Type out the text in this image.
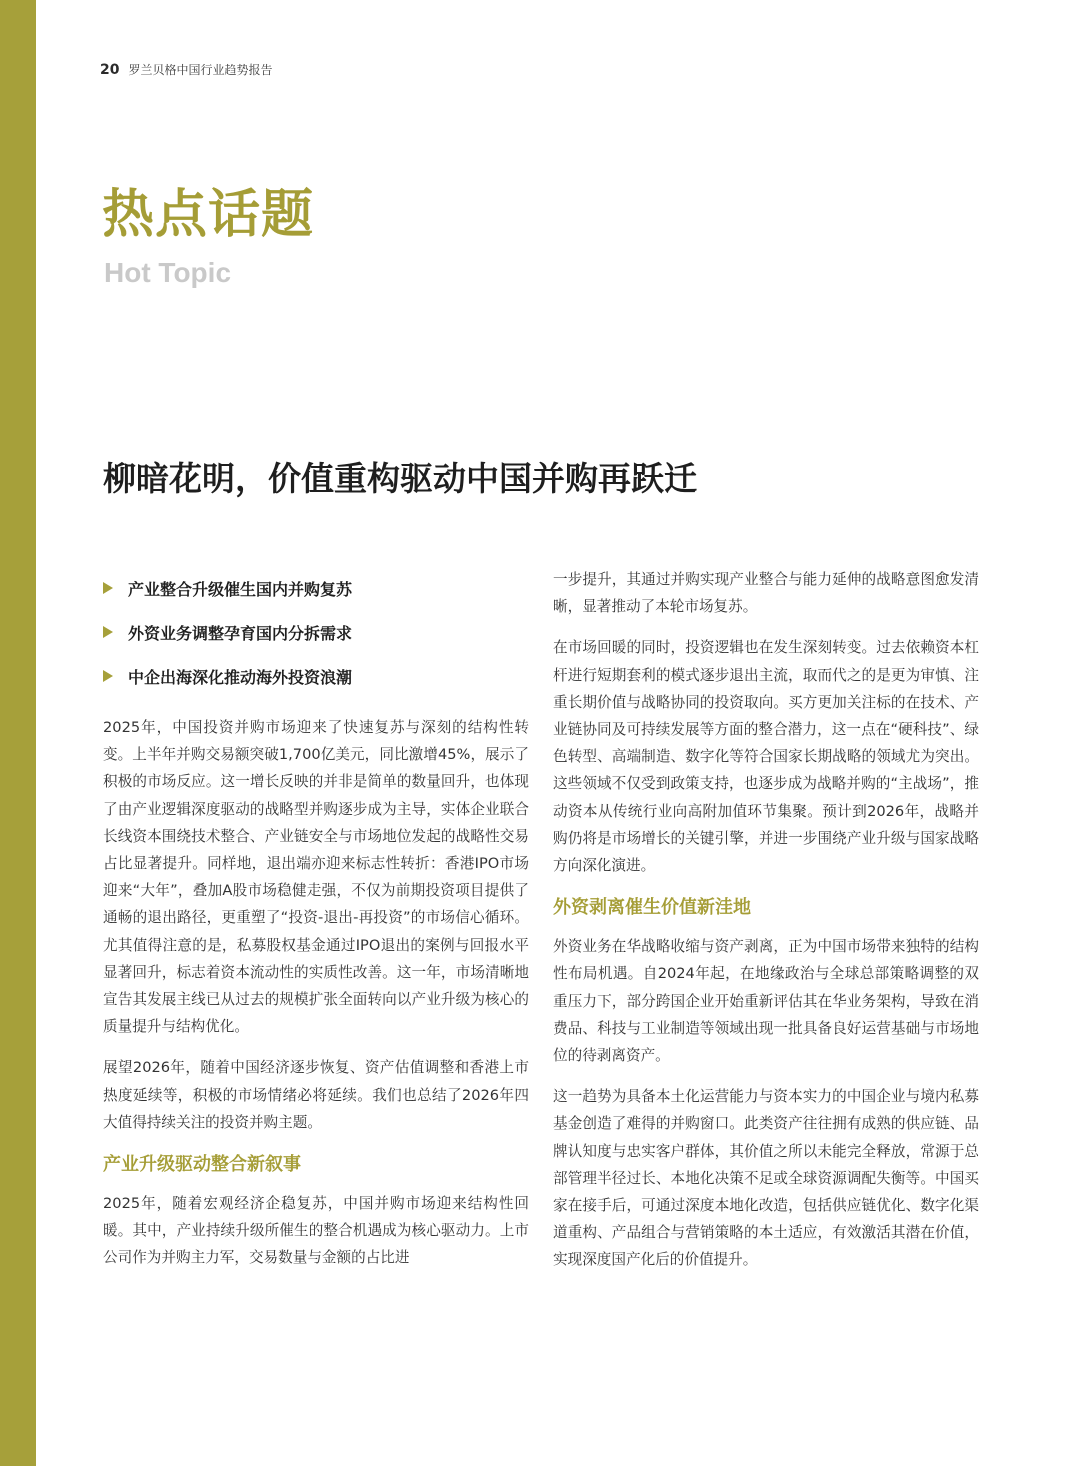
20 罗兰贝格中国行业趋势报告
热点话题
Hot Topic
柳暗花明，价值重构驱动中国并购再跃迁
产业整合升级催生国内并购复苏
外资业务调整孕育国内分拆需求
中企出海深化推动海外投资浪潮

2025年，中国投资并购市场迎来了快速复苏与深刻的结构性转变。上半年并购交易额突破1,700亿美元，同比激增45%，展示了积极的市场反应。这一增长反映的并非是简单的数量回升，也体现了由产业逻辑深度驱动的战略型并购逐步成为主导，实体企业联合长线资本围绕技术整合、产业链安全与市场地位发起的战略性交易占比显著提升。同样地，退出端亦迎来标志性转折：香港IPO市场迎来“大年”，叠加A股市场稳健走强，不仅为前期投资项目提供了通畅的退出路径，更重塑了“投资-退出-再投资”的市场信心循环。尤其值得注意的是，私募股权基金通过IPO退出的案例与回报水平显著回升，标志着资本流动性的实质性改善。这一年，市场清晰地宣告其发展主线已从过去的规模扩张全面转向以产业升级为核心的质量提升与结构优化。

展望2026年，随着中国经济逐步恢复、资产估值调整和香港上市热度延续等，积极的市场情绪必将延续。我们也总结了2026年四大值得持续关注的投资并购主题。

产业升级驱动整合新叙事

2025年，随着宏观经济企稳复苏，中国并购市场迎来结构性回暖。其中，产业持续升级所催生的整合机遇成为核心驱动力。上市公司作为并购主力军，交易数量与金额的占比进

一步提升，其通过并购实现产业整合与能力延伸的战略意图愈发清晰，显著推动了本轮市场复苏。

在市场回暖的同时，投资逻辑也在发生深刻转变。过去依赖资本杠杆进行短期套利的模式逐步退出主流，取而代之的是更为审慎、注重长期价值与战略协同的投资取向。买方更加关注标的在技术、产业链协同及可持续发展等方面的整合潜力，这一点在“硬科技”、绿色转型、高端制造、数字化等符合国家长期战略的领域尤为突出。这些领域不仅受到政策支持，也逐步成为战略并购的“主战场”，推动资本从传统行业向高附加值环节集聚。预计到2026年，战略并购仍将是市场增长的关键引擎，并进一步围绕产业升级与国家战略方向深化演进。

外资剥离催生价值新洼地

外资业务在华战略收缩与资产剥离，正为中国市场带来独特的结构性布局机遇。自2024年起，在地缘政治与全球总部策略调整的双重压力下，部分跨国企业开始重新评估其在华业务架构，导致在消费品、科技与工业制造等领域出现一批具备良好运营基础与市场地位的待剥离资产。

这一趋势为具备本土化运营能力与资本实力的中国企业与境内私募基金创造了难得的并购窗口。此类资产往往拥有成熟的供应链、品牌认知度与忠实客户群体，其价值之所以未能完全释放，常源于总部管理半径过长、本地化决策不足或全球资源调配失衡等。中国买家在接手后，可通过深度本地化改造，包括供应链优化、数字化渠道重构、产品组合与营销策略的本土适应，有效激活其潜在价值，实现深度国产化后的价值提升。
